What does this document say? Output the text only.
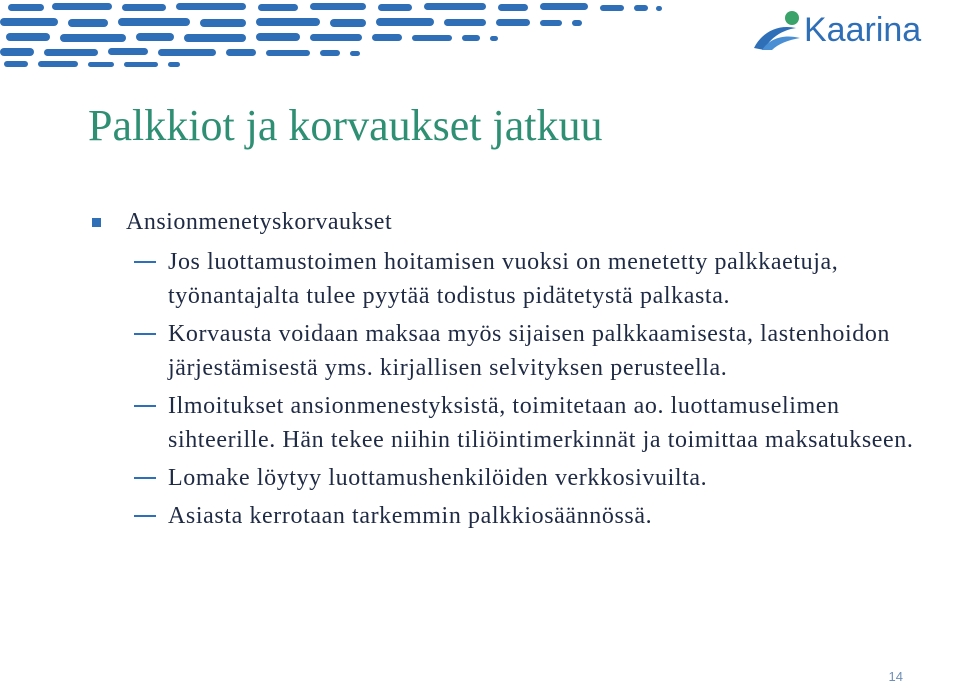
Kaarina
Palkkiot ja korvaukset jatkuu
Ansionmenetyskorvaukset
Jos luottamustoimen hoitamisen vuoksi on menetetty palkkaetuja, työnantajalta tulee pyytää todistus pidätetystä palkasta.
Korvausta voidaan maksaa myös sijaisen palkkaamisesta, lastenhoidon järjestämisestä yms. kirjallisen selvityksen perusteella.
Ilmoitukset ansionmenestyksistä, toimitetaan ao. luottamuselimen sihteerille. Hän tekee niihin tiliöintimerkinnät ja toimittaa maksatukseen.
Lomake löytyy luottamushenkilöiden verkkosivuilta.
Asiasta kerrotaan tarkemmin palkkiosäännössä.
14
